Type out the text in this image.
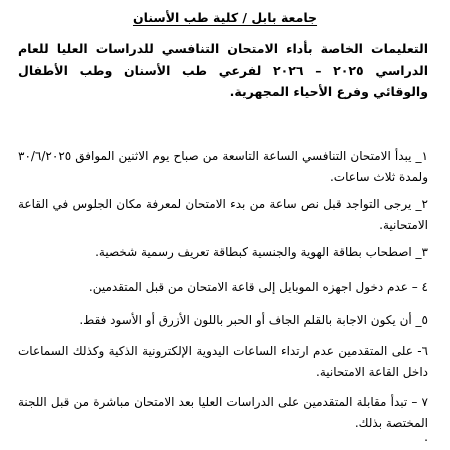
جامعة بابل / كلية طب الأسنان
التعليمات الخاصة بأداء الامتحان التنافسي للدراسات العليا للعام الدراسي ٢٠٢٥ – ٢٠٢٦ لفرعي طب الأسنان وطب الأطفال والوقائي وفرع الأحياء المجهرية.
١_ يبدأ الامتحان التنافسي الساعة التاسعة من صباح يوم الاثنين الموافق ٣٠/٦/٢٠٢٥ ولمدة ثلاث ساعات.
٢_ يرجى التواجد قبل نص ساعة من بدء الامتحان لمعرفة مكان الجلوس في القاعة الامتحانية.
٣_ اصطحاب بطاقة الهوية والجنسية كبطاقة تعريف رسمية شخصية.
٤ – عدم دخول اجهزه الموبايل إلى قاعة الامتحان من قبل المتقدمين.
٥_ أن يكون الاجابة بالقلم الجاف أو الحبر باللون الأزرق أو الأسود فقط.
٦- على المتقدمين عدم ارتداء الساعات اليدوية الإلكترونية الذكية وكذلك السماعات داخل القاعة الامتحانية.
٧ – تبدأ مقابلة المتقدمين على الدراسات العليا بعد الامتحان مباشرة من قبل اللجنة المختصة بذلك.
.
